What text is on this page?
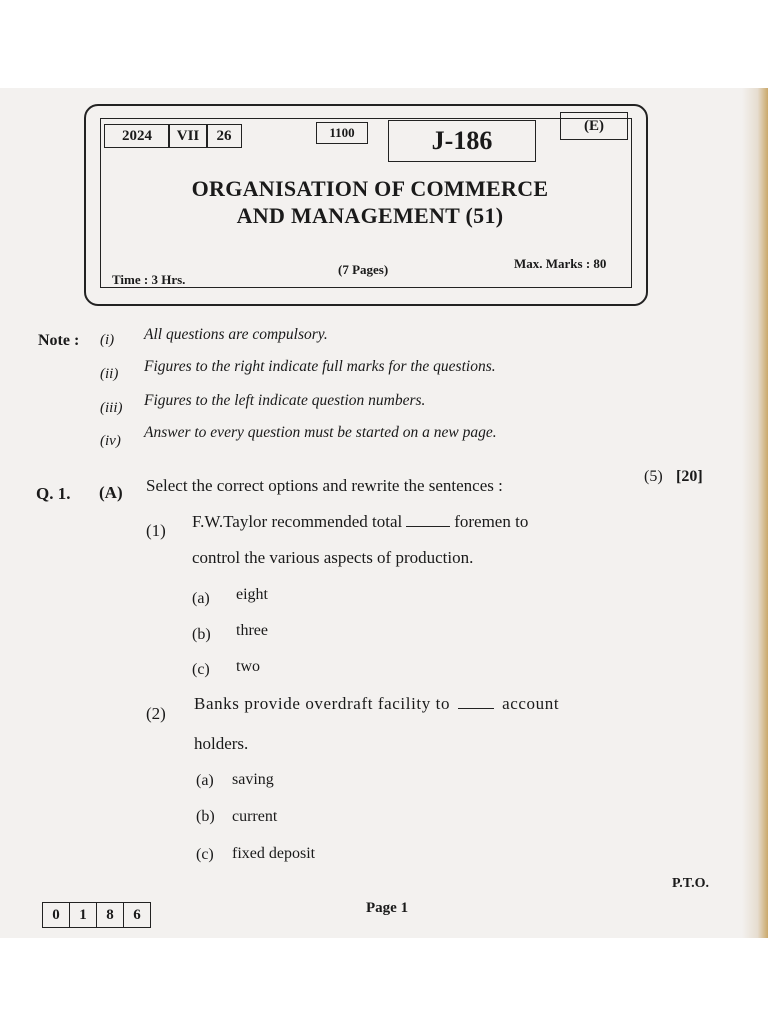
2024	VII	26	1100	J-186	(E)
ORGANISATION OF COMMERCE
AND MANAGEMENT (51)
Time : 3 Hrs.
(7 Pages)	Max. Marks : 80
Note : (i) All questions are compulsory.
(ii) Figures to the right indicate full marks for the questions.
(iii) Figures to the left indicate question numbers.
(iv) Answer to every question must be started on a new page.
Q. 1. (A) Select the correct options and rewrite the sentences :	(5) [20]
(1) F.W.Taylor recommended total	foremen to
control the various aspects of production.
(a) eight
(b) three
(c) two
(2)
Banks provide overdraft facility to	account
holders.
(a) saving
(b) current
(c) fixed deposit
P.T.O.
0	1	8	6	Page 1
